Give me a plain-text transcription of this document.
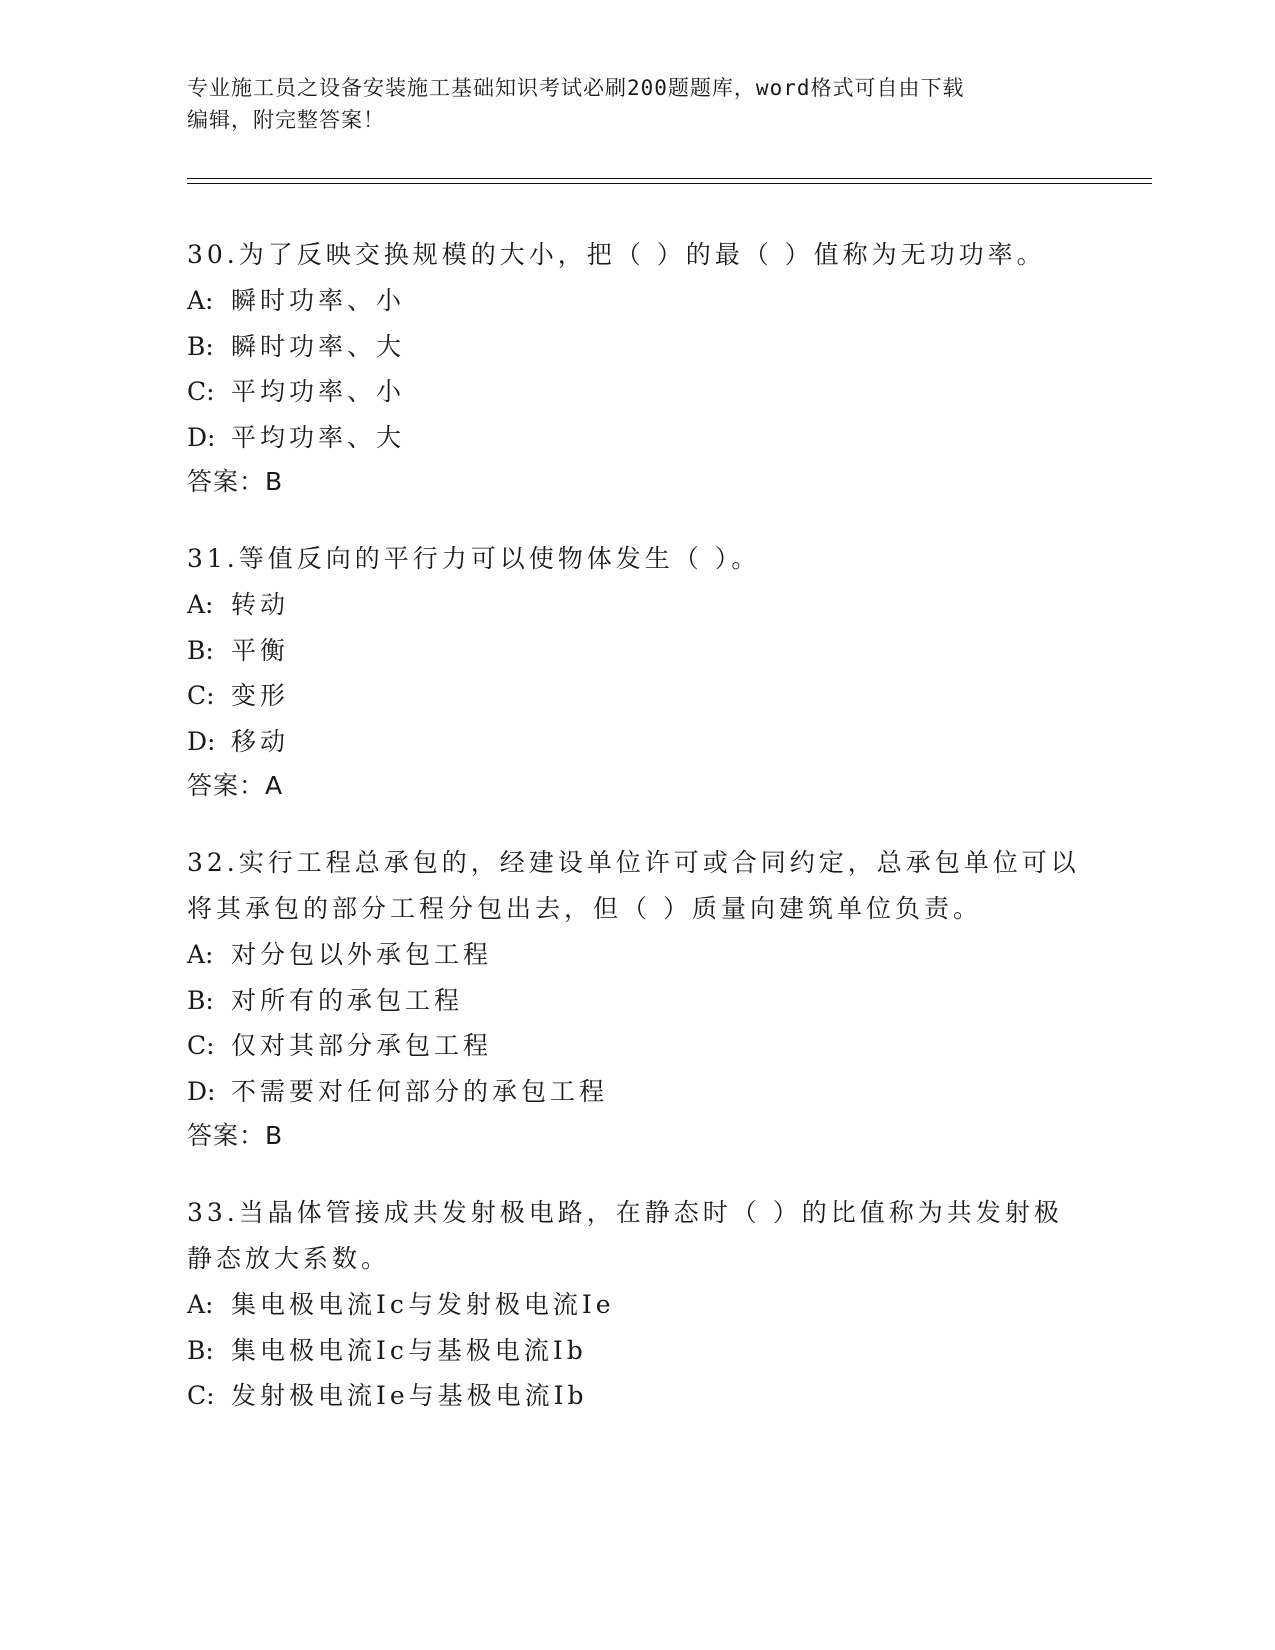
专业施工员之设备安装施工基础知识考试必刷200题题库，word格式可自由下载
编辑，附完整答案！

30.为了反映交换规模的大小，把（ ）的最（ ）值称为无功功率。

A: 瞬时功率、小

B: 瞬时功率、大

C: 平均功率、小

D: 平均功率、大

答案：B

31.等值反向的平行力可以使物体发生（ ）。

A: 转动

B: 平衡

C: 变形

D: 移动

答案：A

32.实行工程总承包的，经建设单位许可或合同约定，总承包单位可以

将其承包的部分工程分包出去，但（ ）质量向建筑单位负责。

A: 对分包以外承包工程

B: 对所有的承包工程

C: 仅对其部分承包工程

D: 不需要对任何部分的承包工程

答案：B

33.当晶体管接成共发射极电路，在静态时（ ）的比值称为共发射极

静态放大系数。

A: 集电极电流Ic与发射极电流Ie

B: 集电极电流Ic与基极电流Ib

C: 发射极电流Ie与基极电流Ib
